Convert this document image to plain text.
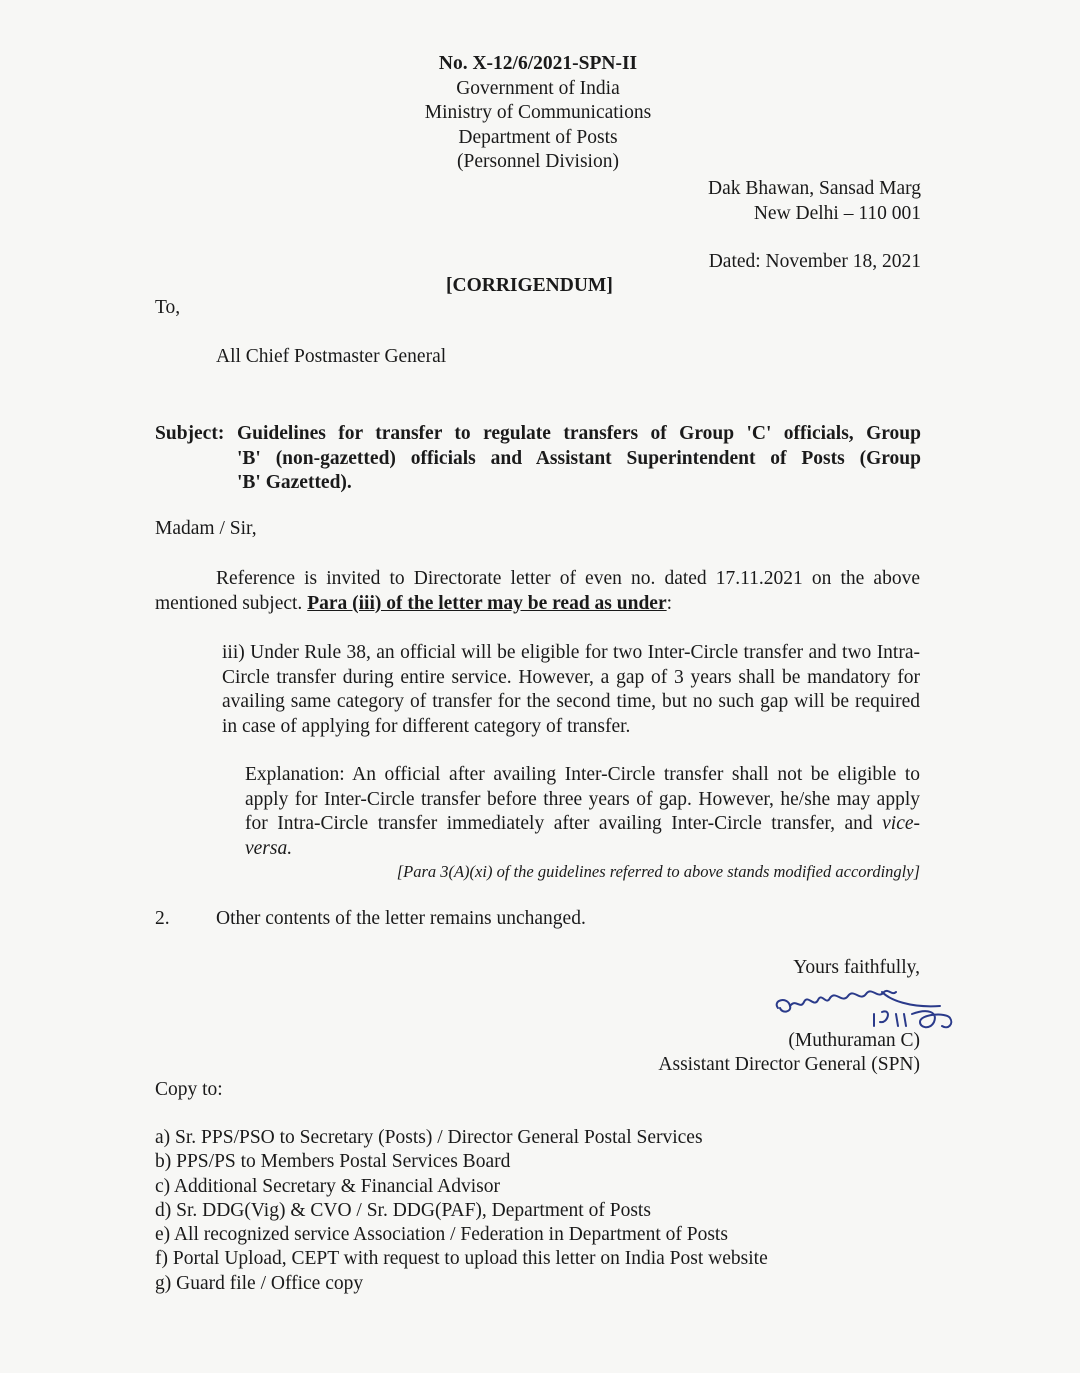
No. X-12/6/2021-SPN-II
Government of India
Ministry of Communications
Department of Posts
(Personnel Division)
Dak Bhawan, Sansad Marg
New Delhi – 110 001
Dated: November 18, 2021
[CORRIGENDUM]
To,
All Chief Postmaster General
Subject: Guidelines for transfer to regulate transfers of Group 'C' officials, Group
'B' (non-gazetted) officials and Assistant Superintendent of Posts (Group
'B' Gazetted).
Madam / Sir,
Reference is invited to Directorate letter of even no. dated 17.11.2021 on the above mentioned subject. Para (iii) of the letter may be read as under:
iii) Under Rule 38, an official will be eligible for two Inter-Circle transfer and two Intra-Circle transfer during entire service. However, a gap of 3 years shall be mandatory for availing same category of transfer for the second time, but no such gap will be required in case of applying for different category of transfer.
Explanation: An official after availing Inter-Circle transfer shall not be eligible to apply for Inter-Circle transfer before three years of gap. However, he/she may apply for Intra-Circle transfer immediately after availing Inter-Circle transfer, and vice-versa.
[Para 3(A)(xi) of the guidelines referred to above stands modified accordingly]
2. Other contents of the letter remains unchanged.
Yours faithfully,
(Muthuraman C)
Assistant Director General (SPN)
Copy to:
a) Sr. PPS/PSO to Secretary (Posts) / Director General Postal Services
b) PPS/PS to Members Postal Services Board
c) Additional Secretary & Financial Advisor
d) Sr. DDG(Vig) & CVO / Sr. DDG(PAF), Department of Posts
e) All recognized service Association / Federation in Department of Posts
f) Portal Upload, CEPT with request to upload this letter on India Post website
g) Guard file / Office copy
